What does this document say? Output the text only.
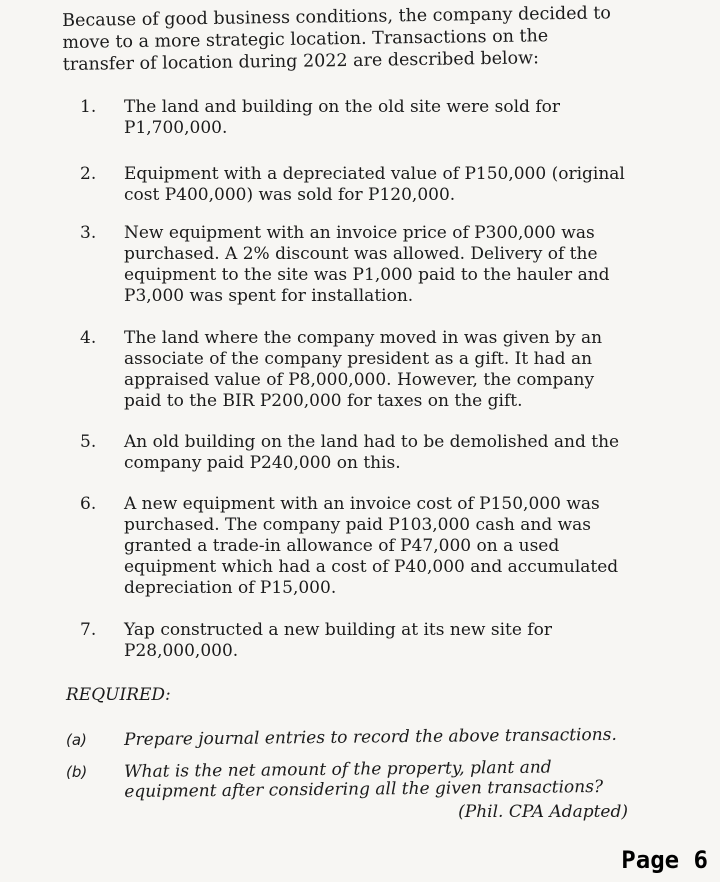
Because of good business conditions, the company decided to move to a more strategic location. Transactions on the transfer of location during 2022 are described below:
1.	The land and building on the old site were sold for P1,700,000.
2.	Equipment with a depreciated value of P150,000 (original cost P400,000) was sold for P120,000.
3.	New equipment with an invoice price of P300,000 was purchased. A 2% discount was allowed. Delivery of the equipment to the site was P1,000 paid to the hauler and P3,000 was spent for installation.
4.	The land where the company moved in was given by an associate of the company president as a gift. It had an appraised value of P8,000,000. However, the company paid to the BIR P200,000 for taxes on the gift.
5.	An old building on the land had to be demolished and the company paid P240,000 on this.
6.	A new equipment with an invoice cost of P150,000 was purchased. The company paid P103,000 cash and was granted a trade-in allowance of P47,000 on a used equipment which had a cost of P40,000 and accumulated depreciation of P15,000.
7.	Yap constructed a new building at its new site for P28,000,000.
REQUIRED:
(a) Prepare journal entries to record the above transactions.
(b) What is the net amount of the property, plant and equipment after considering all the given transactions?
(Phil. CPA Adapted)
Page 6
